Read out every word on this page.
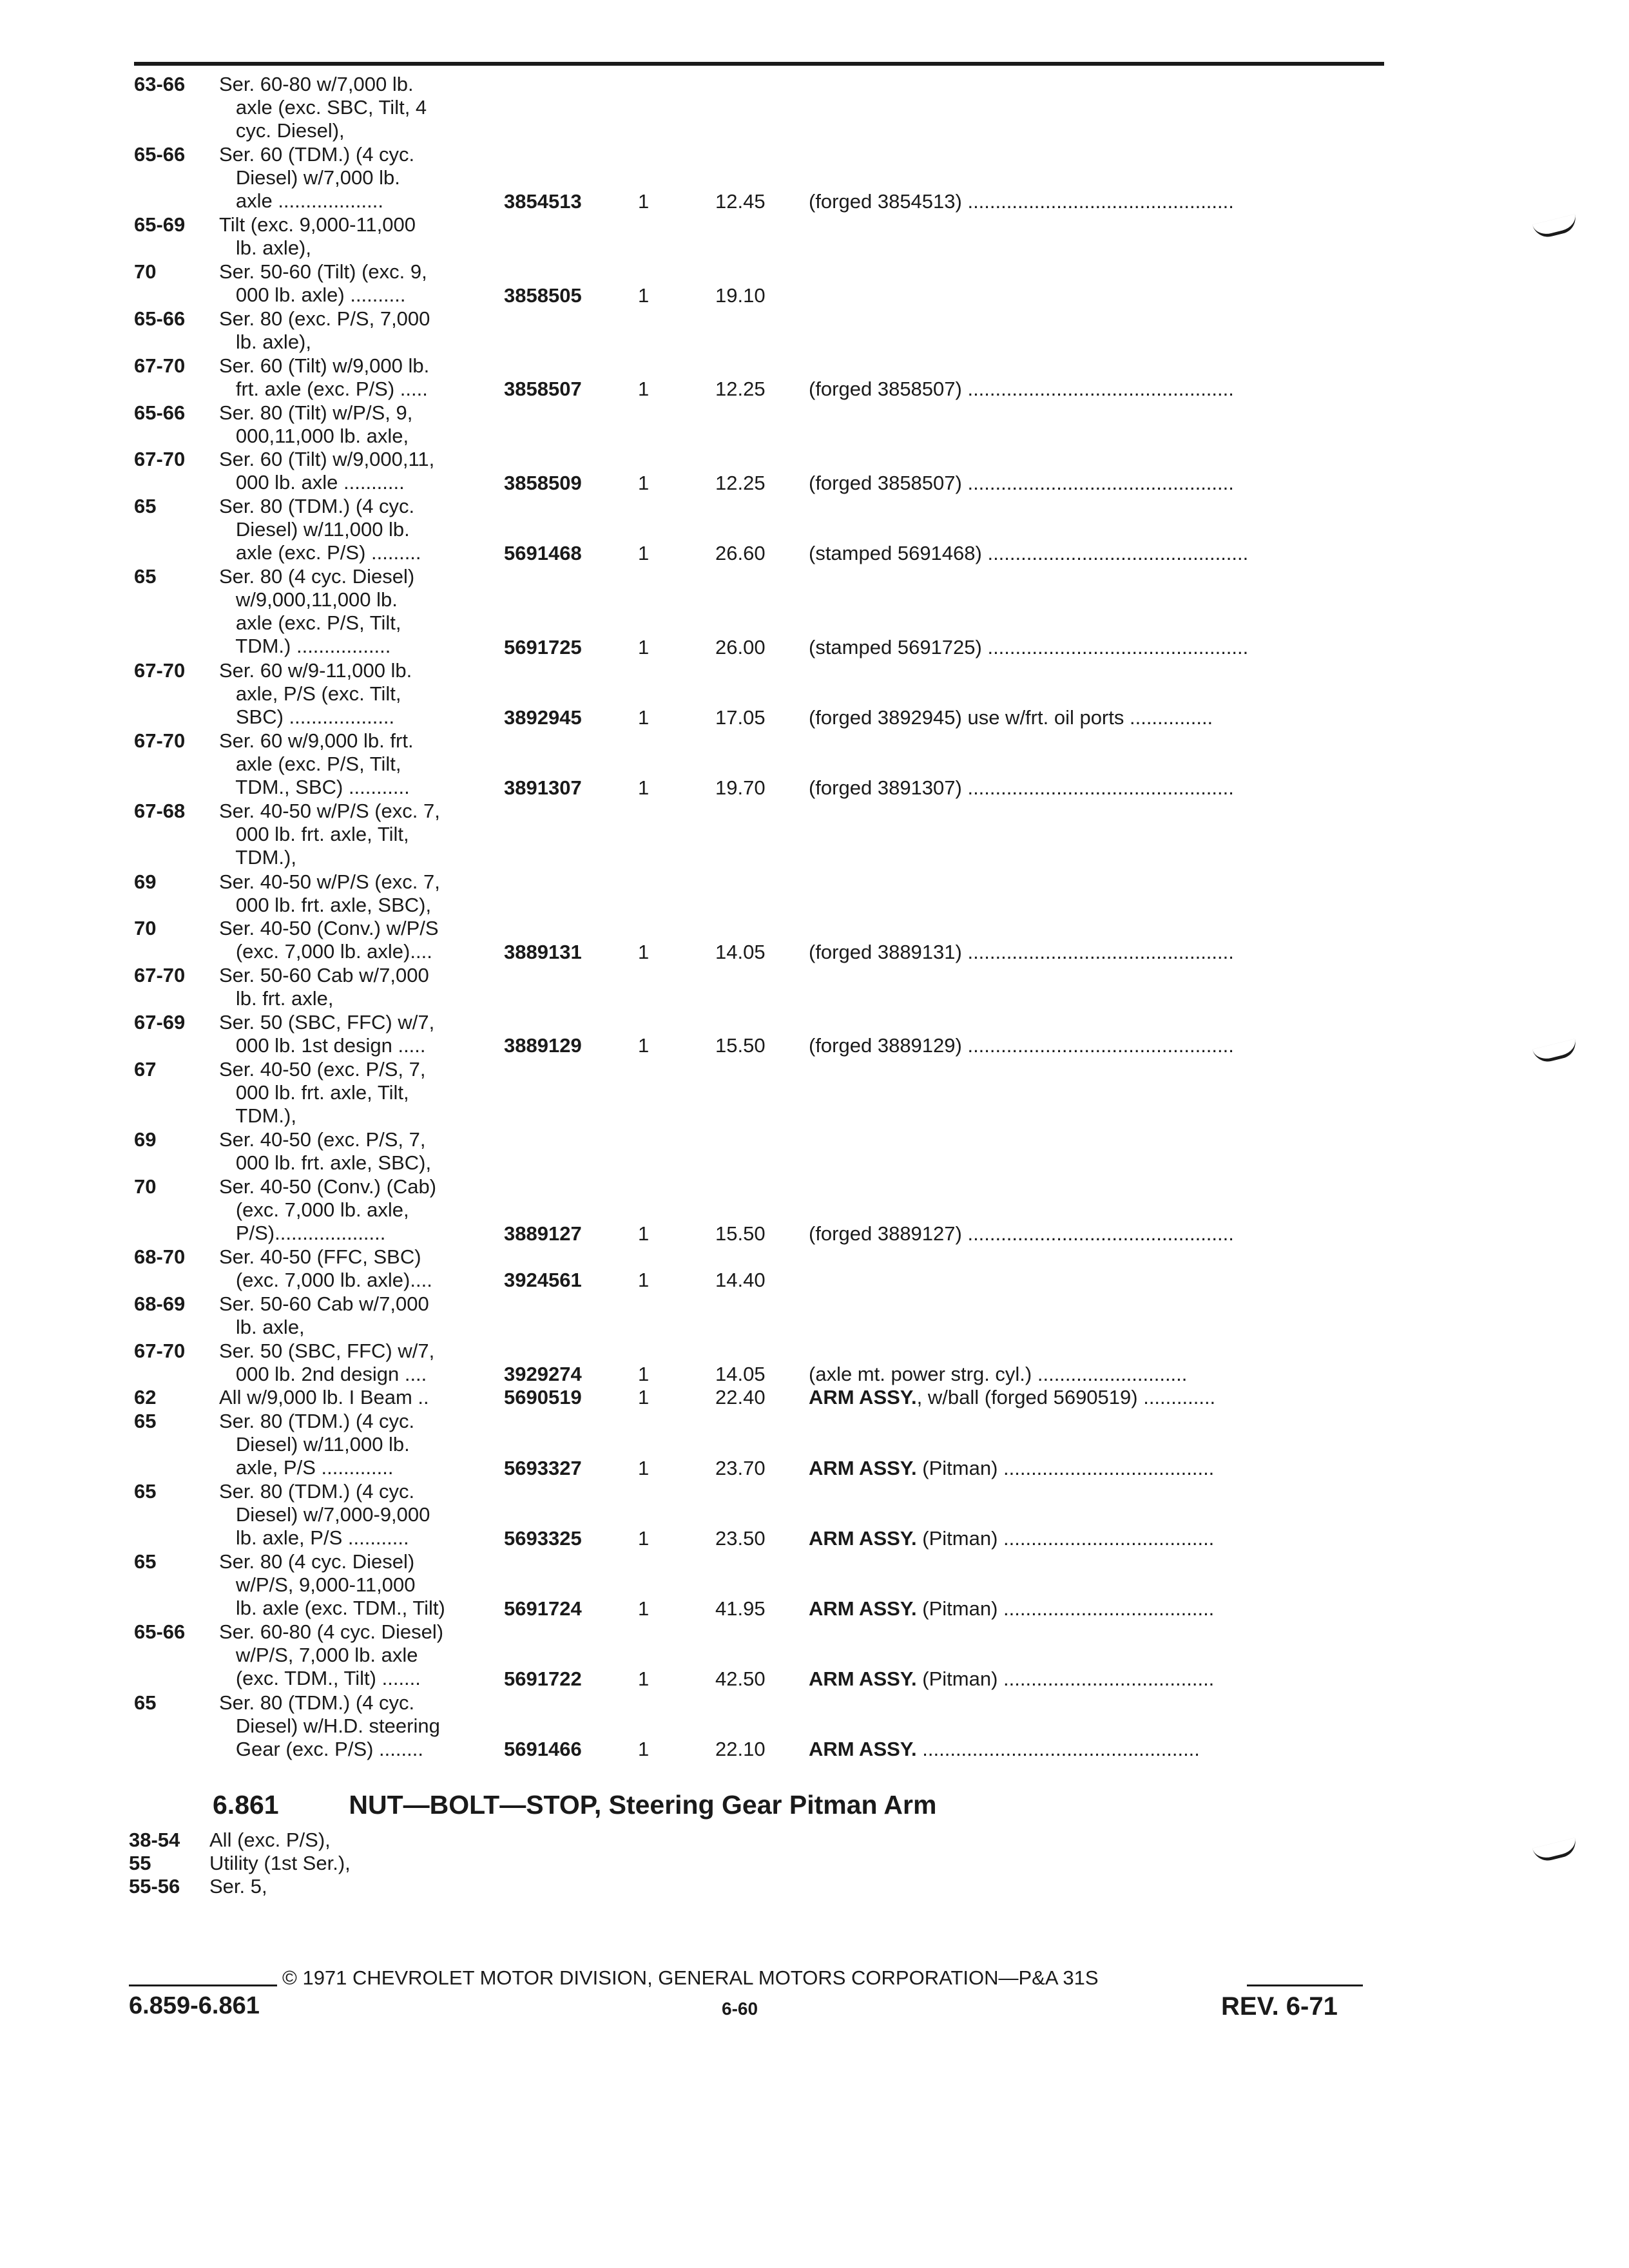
63-66 Ser. 60-80 w/7,000 lb.
axle (exc. SBC, Tilt, 4
cyc. Diesel),
65-66 Ser. 60 (TDM.) (4 cyc.
Diesel) w/7,000 lb.
axle ...................	3854513	1	12.45 (forged 3854513) ................................................
65-69 Tilt (exc. 9,000-11,000
lb. axle),
70	Ser. 50-60 (Tilt) (exc. 9,
000 lb. axle) ..........	3858505	1	19.10
65-66 Ser. 80 (exc. P/S, 7,000
lb. axle),
67-70 Ser. 60 (Tilt) w/9,000 lb.
frt. axle (exc. P/S) .....	3858507	1	12.25 (forged 3858507) ................................................
65-66 Ser. 80 (Tilt) w/P/S, 9,
000,11,000 lb. axle,
67-70 Ser. 60 (Tilt) w/9,000,11,
000 lb. axle ...........	3858509	1	12.25 (forged 3858507) ................................................
65	Ser. 80 (TDM.) (4 cyc.
Diesel) w/11,000 lb.
axle (exc. P/S) .........	5691468	1	26.60 (stamped 5691468) ...............................................
65	Ser. 80 (4 cyc. Diesel)
w/9,000,11,000 lb.
axle (exc. P/S, Tilt,
TDM.) .................	5691725	1	26.00 (stamped 5691725) ...............................................
67-70 Ser. 60 w/9-11,000 lb.
axle, P/S (exc. Tilt,
SBC) ...................	3892945	1	17.05 (forged 3892945) use w/frt. oil ports ...............
67-70 Ser. 60 w/9,000 lb. frt.
axle (exc. P/S, Tilt,
TDM., SBC) ...........	3891307	1	19.70 (forged 3891307) ................................................
67-68 Ser. 40-50 w/P/S (exc. 7,
000 lb. frt. axle, Tilt,
TDM.),
69	Ser. 40-50 w/P/S (exc. 7,
000 lb. frt. axle, SBC),
70	Ser. 40-50 (Conv.) w/P/S
(exc. 7,000 lb. axle)....	3889131	1	14.05 (forged 3889131) ................................................
67-70 Ser. 50-60 Cab w/7,000
lb. frt. axle,
67-69 Ser. 50 (SBC, FFC) w/7,
000 lb. 1st design .....	3889129	1	15.50 (forged 3889129) ................................................
67	Ser. 40-50 (exc. P/S, 7,
000 lb. frt. axle, Tilt,
TDM.),
69	Ser. 40-50 (exc. P/S, 7,
000 lb. frt. axle, SBC),
70	Ser. 40-50 (Conv.) (Cab)
(exc. 7,000 lb. axle,
P/S)....................	3889127	1	15.50 (forged 3889127) ................................................
68-70 Ser. 40-50 (FFC, SBC)
(exc. 7,000 lb. axle)....	3924561	1	14.40
68-69 Ser. 50-60 Cab w/7,000
lb. axle,
67-70 Ser. 50 (SBC, FFC) w/7,
000 lb. 2nd design ....	3929274	1	14.05 (axle mt. power strg. cyl.) ...........................
62	All w/9,000 lb. I Beam ..	5690519	1	22.40 ARM ASSY., w/ball (forged 5690519) .............
65	Ser. 80 (TDM.) (4 cyc.
Diesel) w/11,000 lb.
axle, P/S .............	5693327	1	23.70 ARM ASSY. (Pitman) ......................................
65	Ser. 80 (TDM.) (4 cyc.
Diesel) w/7,000-9,000
lb. axle, P/S ...........	5693325	1	23.50 ARM ASSY. (Pitman) ......................................
65	Ser. 80 (4 cyc. Diesel)
w/P/S, 9,000-11,000
lb. axle (exc. TDM., Tilt)	5691724	1	41.95 ARM ASSY. (Pitman) ......................................
65-66 Ser. 60-80 (4 cyc. Diesel)
w/P/S, 7,000 lb. axle
(exc. TDM., Tilt) .......	5691722	1	42.50 ARM ASSY. (Pitman) ......................................
65	Ser. 80 (TDM.) (4 cyc.
Diesel) w/H.D. steering
Gear (exc. P/S) ........	5691466	1	22.10 ARM ASSY. ..................................................
6.861	NUT—BOLT—STOP, Steering Gear Pitman Arm
38-54 All (exc. P/S),
55	Utility (1st Ser.),
55-56 Ser. 5,
© 1971 CHEVROLET MOTOR DIVISION, GENERAL MOTORS CORPORATION—P&A 31S
6.859-6.861	6-60	REV. 6-71
